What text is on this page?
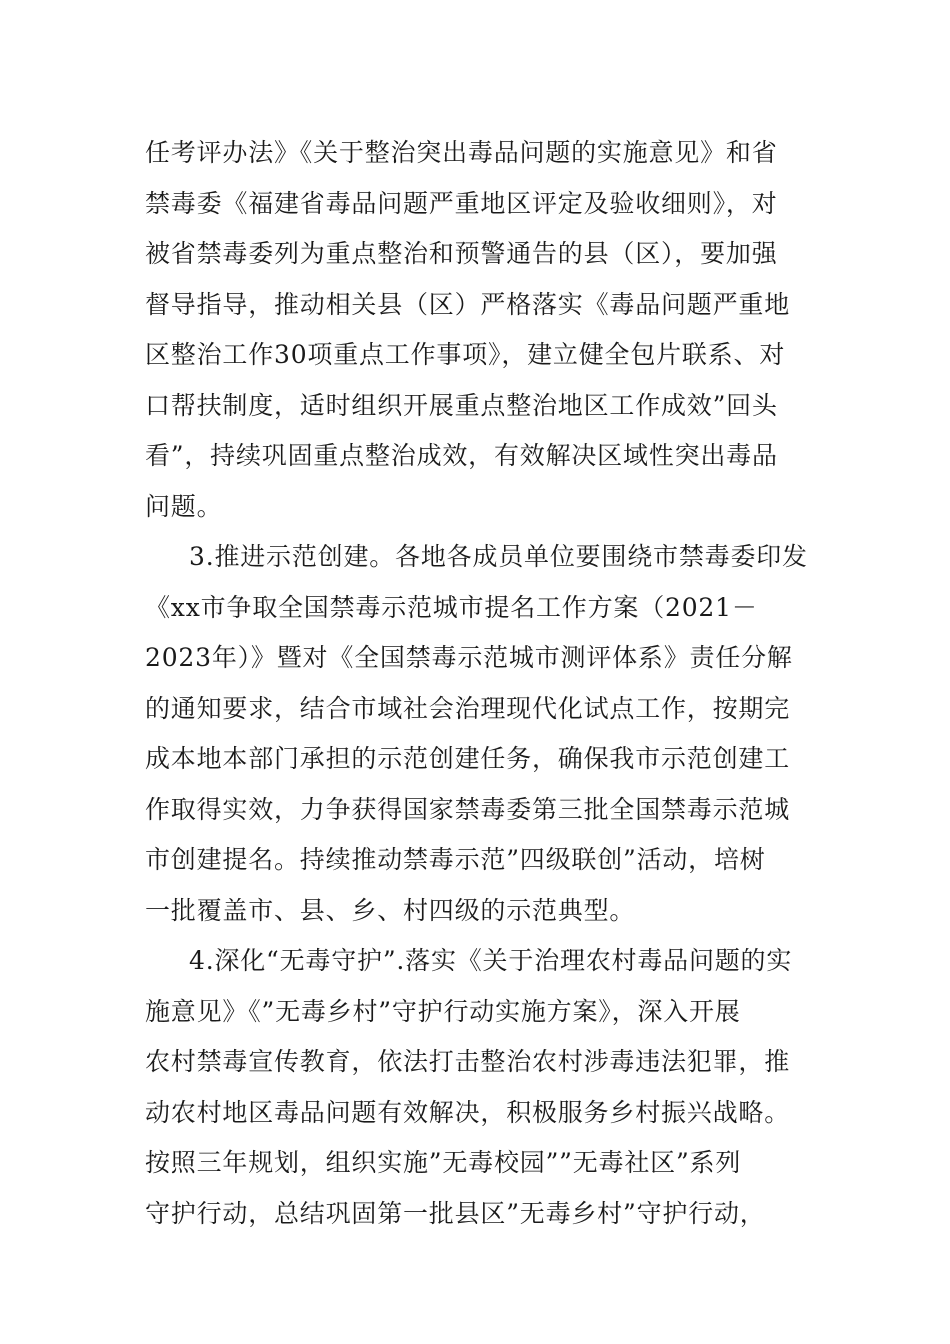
任考评办法》《关于整治突出毒品问题的实施意见》和省
禁毒委《福建省毒品问题严重地区评定及验收细则》，对
被省禁毒委列为重点整治和预警通告的县（区），要加强
督导指导，推动相关县（区）严格落实《毒品问题严重地
区整治工作30项重点工作事项》，建立健全包片联系、对
口帮扶制度，适时组织开展重点整治地区工作成效”回头
看”，持续巩固重点整治成效，有效解决区域性突出毒品
问题。
3.推进示范创建。各地各成员单位要围绕市禁毒委印发
《xx市争取全国禁毒示范城市提名工作方案（2021－
2023年）》暨对《全国禁毒示范城市测评体系》责任分解
的通知要求，结合市域社会治理现代化试点工作，按期完
成本地本部门承担的示范创建任务，确保我市示范创建工
作取得实效，力争获得国家禁毒委第三批全国禁毒示范城
市创建提名。持续推动禁毒示范”四级联创”活动，培树
一批覆盖市、县、乡、村四级的示范典型。
4.深化“无毒守护”.落实《关于治理农村毒品问题的实
施意见》《”无毒乡村”守护行动实施方案》，深入开展
农村禁毒宣传教育，依法打击整治农村涉毒违法犯罪，推
动农村地区毒品问题有效解决，积极服务乡村振兴战略。
按照三年规划，组织实施”无毒校园””无毒社区”系列
守护行动，总结巩固第一批县区”无毒乡村”守护行动，
